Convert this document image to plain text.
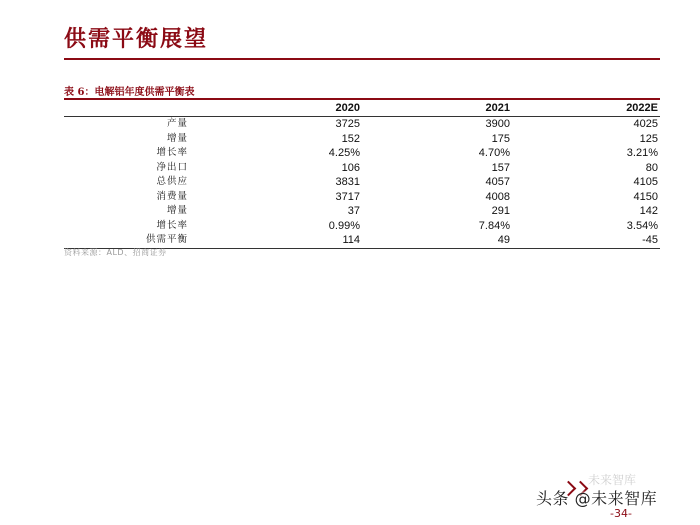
供需平衡展望
表 6：电解铝年度供需平衡表
	2020	2021	2022E
产量	3725	3900	4025
增量	152	175	125
增长率	4.25%	4.70%	3.21%
净出口	106	157	80
总供应	3831	4057	4105
消费量	3717	4008	4150
增量	37	291	142
增长率	0.99%	7.84%	3.54%
供需平衡	114	49	-45
资料来源：ALD、招商证券
未来智库
头条 @未来智库
-34-
